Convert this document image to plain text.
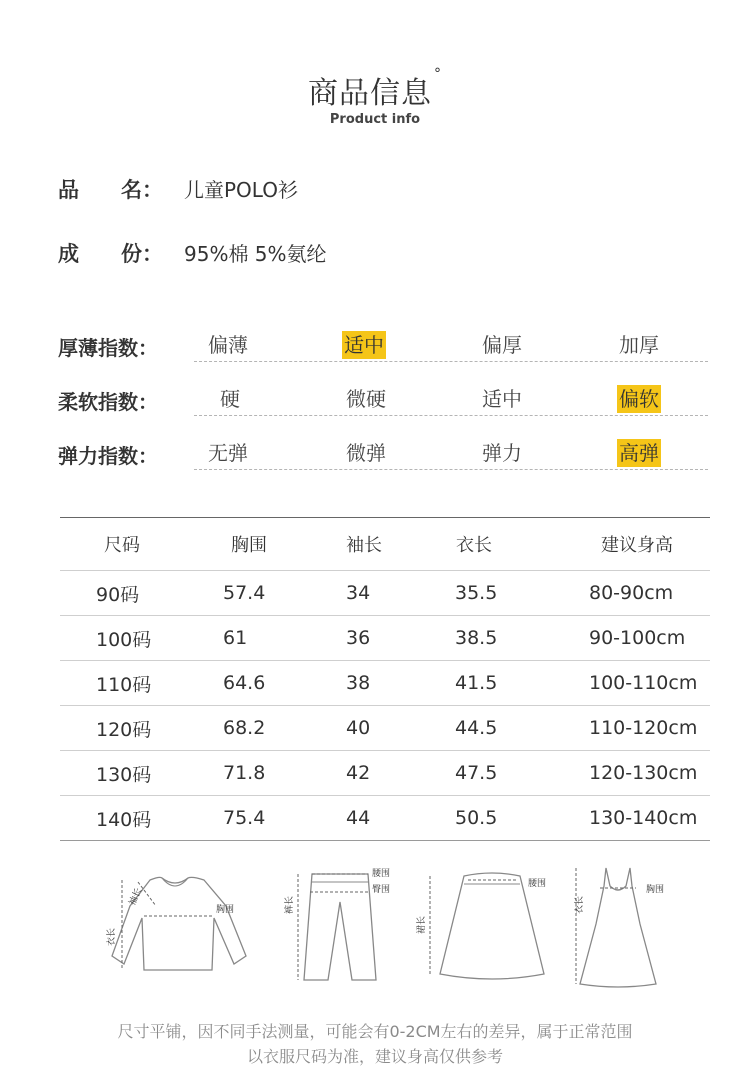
商品信息°
Product info
品　　名： 儿童POLO衫
成　　份： 95%棉 5%氨纶
厚薄指数：	偏薄	适中	偏厚	加厚
柔软指数：	硬	微硬	适中	偏软
弹力指数：	无弹	微弹	弹力	高弹
尺码	胸围	袖长	衣长	建议身高
90码	57.4	34	35.5	80-90cm
100码	61	36	38.5	90-100cm
110码	64.6	38	41.5	100-110cm
120码	68.2	40	44.5	110-120cm
130码	71.8	42	47.5	120-130cm
140码	75.4	44	50.5	130-140cm
胸围
衣长
袖长
腰围
臀围
裤长
腰围
裙长
胸围
衣长
尺寸平铺，因不同手法测量，可能会有0-2CM左右的差异，属于正常范围
以衣服尺码为准，建议身高仅供参考
